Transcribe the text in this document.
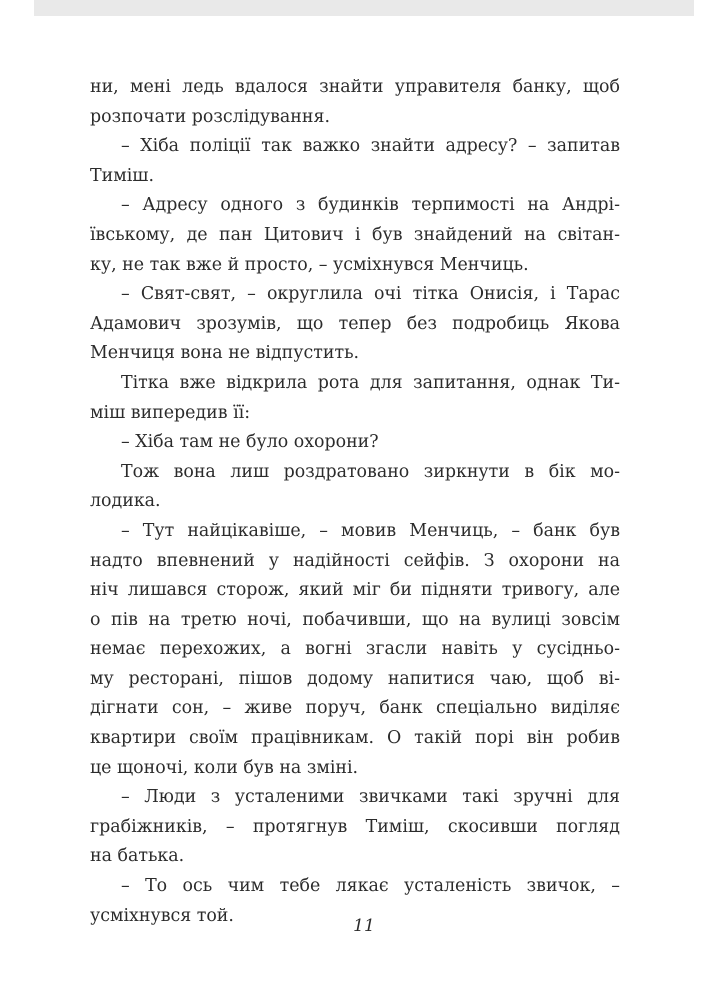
ни, мені ледь вдалося знайти управителя банку, щоб
розпочати розслідування.
– Хіба поліції так важко знайти адресу? – запитав
Тиміш.
– Адресу одного з будинків терпимості на Андрі-
ївському, де пан Цитович і був знайдений на світан-
ку, не так вже й просто, – усміхнувся Менчиць.
– Свят-свят, – округлила очі тітка Онисія, і Тарас
Адамович зрозумів, що тепер без подробиць Якова
Менчиця вона не відпустить.
Тітка вже відкрила рота для запитання, однак Ти-
міш випередив її:
– Хіба там не було охорони?
Тож вона лиш роздратовано зиркнути в бік мо-
лодика.
– Тут найцікавіше, – мовив Менчиць, – банк був
надто впевнений у надійності сейфів. З охорони на
ніч лишався сторож, який міг би підняти тривогу, але
о пів на третю ночі, побачивши, що на вулиці зовсім
немає перехожих, а вогні згасли навіть у сусідньо-
му ресторані, пішов додому напитися чаю, щоб ві-
дігнати сон, – живе поруч, банк спеціально виділяє
квартири своїм працівникам. О такій порі він робив
це щоночі, коли був на зміні.
– Люди з усталеними звичками такі зручні для
грабіжників, – протягнув Тиміш, скосивши погляд
на батька.
– То ось чим тебе лякає усталеність звичок, –
усміхнувся той.
11
